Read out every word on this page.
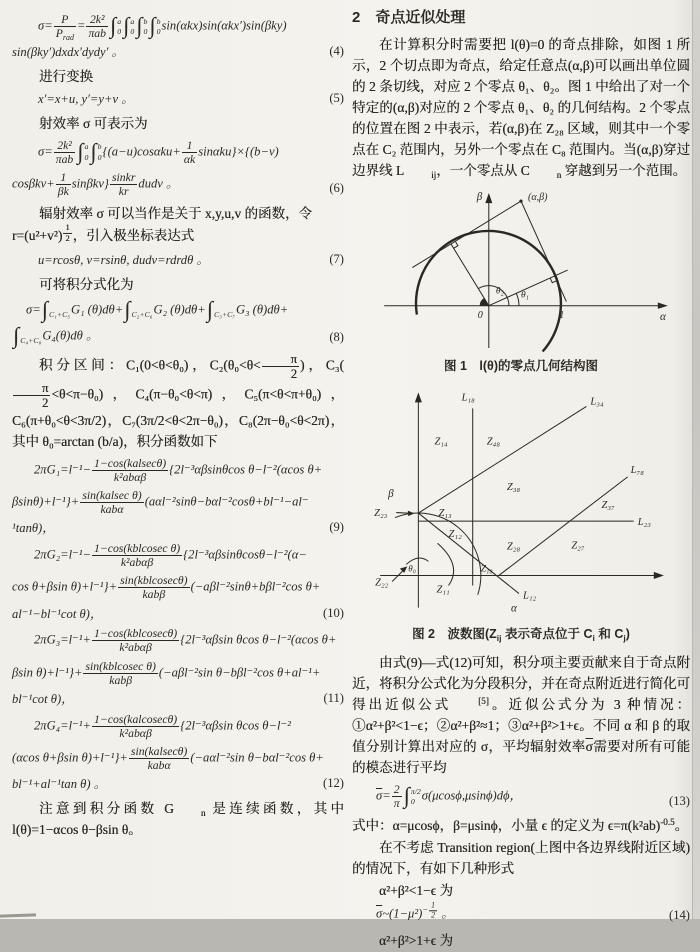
$\sigma= \frac{P}{\text{Prad}} = \frac{\text{2k²}}{\text{πab}}$ ∫ a
0 ∫ a
0 ∫ b
0 ∫ b
0 sin(αkx)sin(αkx′)sin(βky)
sin(βky′)dxdx′dydy′ 。	(4)

进行变换

x′=x+u, y′=y+v 。	(5)

射效率 σ 可表示为

$\sigma= \frac{\text{2k²}}{\text{πab}}$ ∫ a
0 ∫ b
0 $\{(a-u)\cos\alpha ku+ \frac{1}{\alpha k} \sin\alpha ku\}\times\{(b-v)$
$\cos\beta kv+ \frac{1}{\beta k} \sin\beta kv\} \frac{\text{sinkr}}{kr}$ dudv 。	(6)

辐射效率 σ 可以当作是关于 x,y,u,v 的函数，令

$r=(u^2+v^2) \frac{1}{2}$ ，引入极坐标表达式

u=rcosθ, v=rsinθ, dudv=rdrdθ 。	(7)

可将积分式化为

σ= ∫ C₁+C₅ G₁ (θ)dθ+ ∫ C₂+C₆ G₂ (θ)dθ+ ∫ C₃+C₇ G₃ (θ)dθ+
∫ C₄+C₈ G₄(θ)dθ 。	(8)

积分区间：C₁(0<θ<θ₀)，$C_2(\theta_0<\theta< \frac{\pi}{2}$ )，C₃(
$\frac{\pi}{2} <\theta<\pi-\theta_0$)，C₄(π−θ₀<θ<π)，C₅(π<θ<π+θ₀)，C₆(π+θ₀<θ<3π/2)，C₇(3π/2<θ<2π−θ₀)，C₈(2π−θ₀<θ<2π)，其中 θ₀=arctan (b/a)，积分函数如下

$2\pi G_1=l^{-1}- \frac{\text{1−cos(kalsecθ)}}{\text{k²abαβ}} \{2l^{-3}\alpha\beta\sin\theta\cos$ θ−l⁻²(αcos θ+
$\beta\sin\theta)+l^{-1}\}+ \frac{\text{sin(kalsec θ)}}{\text{kabα}} (a\alpha l^{-2}\sin\theta-b\alpha l^{-2}\cos\theta+bl^{-1}-al^-$
¹tanθ)，	(9)
$2\pi G_2=l^{-1}- \frac{\text{1−cos(kblcosec θ)}}{\text{k²abαβ}} \{2l^{-3}\alpha\beta\sin\theta\cos\theta-l^{-2}(\alpha-$
cos θ+βsin $\theta)+l^{-1}\}+ \frac{\text{sin(kblcosecθ)}}{\text{kabβ}} (-a\beta l^{-2}\sin\theta+b\beta l^{-2}\cos$ θ+
al⁻¹−bl⁻¹cot θ)，	(10)
$2\pi G_3=l^{-1}+ \frac{\text{1−cos(kblcosecθ)}}{\text{k²abαβ}} \{2l^{-3}\alpha\beta\sin$ θcos θ−l⁻²(αcos θ+
βsin $\theta)+l^{-1}\}+ \frac{\text{sin(kblcosec θ)}}{\text{kabβ}} (-a\beta l^{-2}\sin$ θ−bβl⁻²cos θ+al⁻¹+
bl⁻¹cot θ)，	(11)
$2\pi G_4=l^{-1}+ \frac{\text{1−cos(kalcosecθ)}}{\text{k²abαβ}} \{2l^{-3}\alpha\beta\sin$ θcos θ−l⁻²
(αcos θ+βsin $\theta)+l^{-1}\}+ \frac{\text{sin(kalsecθ)}}{\text{kabα}} (-a\alpha l^{-2}\sin$ θ−bαl⁻²cos θ+
bl⁻¹+al⁻¹tan θ) 。	(12)

注意到积分函数 G	n 是连续函数，其中 l(θ)=1−αcos θ−βsin θ。

2　奇点近似处理

在计算积分时需要把 l(θ)=0 的奇点排除，如图 1 所示，2 个切点即为奇点，给定任意点(α,β)可以画出单位圆的 2 条切线，对应 2 个零点 θ₁、θ₂。图 1 中给出了对一个特定的(α,β)对应的 2 个零点 θ₁、θ₂ 的几何结构。2 个零点的位置在图 2 中表示，若(α,β)在 Z₂₈ 区域，则其中一个零点在 C₂ 范围内，另外一个零点在 C₈ 范围内。当(α,β)穿过边界线 L	ij，一个零点从 C	n 穿越到另一个范围。

β
α
0	1
θ₂ θ₁
(α,β)
图 1　l(θ)的零点几何结构图
L₁₈	L₃₄
L₇₈
L₂₃
L₁₂
Z₁₄	Z₄₈
Z₃₈
Z₂₃	Z₁₃
Z₁₂
Z₂₈
Z₃₇
Z₂₇
Z₂₂
Z₁₈
Z₁₁
β
α
θ₀
图 2　波数图(Zij 表示奇点位于 Ci 和 Cj)

由式(9)—式(12)可知，积分项主要贡献来自于奇点附近，将积分公式化为分段积分，并在奇点附近进行简化可得出近似公式	[5]。近似公式分为 3 种情况：①α²+β²<1−ϵ；②α²+β²≈1；③α²+β²>1+ϵ。不同 α 和 β 的取值分别计算出对应的 σ，平均辐射效率$\overline{\sigma}$需要对所有可能的模态进行平均

$\overline{\sigma}= \frac{2}{\pi}$ ∫ π/2
0 σ(μcosϕ,μsinϕ)dϕ，	(13)

式中：α=μcosϕ，β=μsinϕ，小量 ϵ 的定义为 ϵ=π(k²ab)-0.5。

在不考虑 Transition region(上图中各边界线附近区域)的情况下，有如下几种形式

α²+β²<1−ϵ 为

$\overline{\sigma}\sim(1-\mu^2)- \frac{1}{2}$ 。	(14)

α²+β²>1+ϵ 为
